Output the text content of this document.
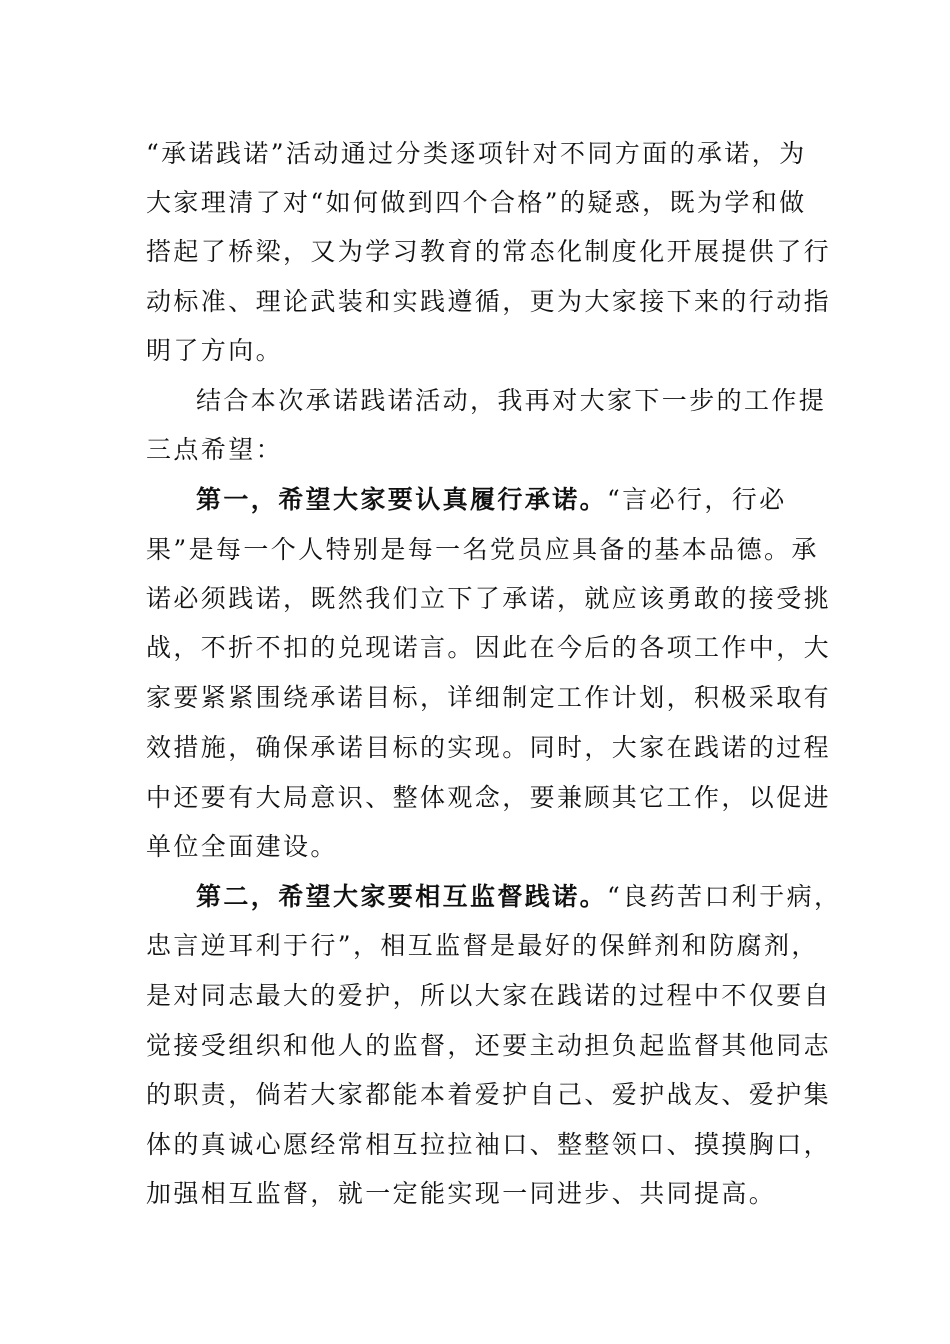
“承诺践诺”活动通过分类逐项针对不同方面的承诺，为
大家理清了对“如何做到四个合格”的疑惑，既为学和做
搭起了桥梁，又为学习教育的常态化制度化开展提供了行
动标准、理论武装和实践遵循，更为大家接下来的行动指
明了方向。
结合本次承诺践诺活动，我再对大家下一步的工作提
三点希望：
第一，希望大家要认真履行承诺。“言必行，行必
果”是每一个人特别是每一名党员应具备的基本品德。承
诺必须践诺，既然我们立下了承诺，就应该勇敢的接受挑
战，不折不扣的兑现诺言。因此在今后的各项工作中，大
家要紧紧围绕承诺目标，详细制定工作计划，积极采取有
效措施，确保承诺目标的实现。同时，大家在践诺的过程
中还要有大局意识、整体观念，要兼顾其它工作，以促进
单位全面建设。
第二，希望大家要相互监督践诺。“良药苦口利于病，
忠言逆耳利于行”，相互监督是最好的保鲜剂和防腐剂，
是对同志最大的爱护，所以大家在践诺的过程中不仅要自
觉接受组织和他人的监督，还要主动担负起监督其他同志
的职责，倘若大家都能本着爱护自己、爱护战友、爱护集
体的真诚心愿经常相互拉拉袖口、整整领口、摸摸胸口，
加强相互监督，就一定能实现一同进步、共同提高。
